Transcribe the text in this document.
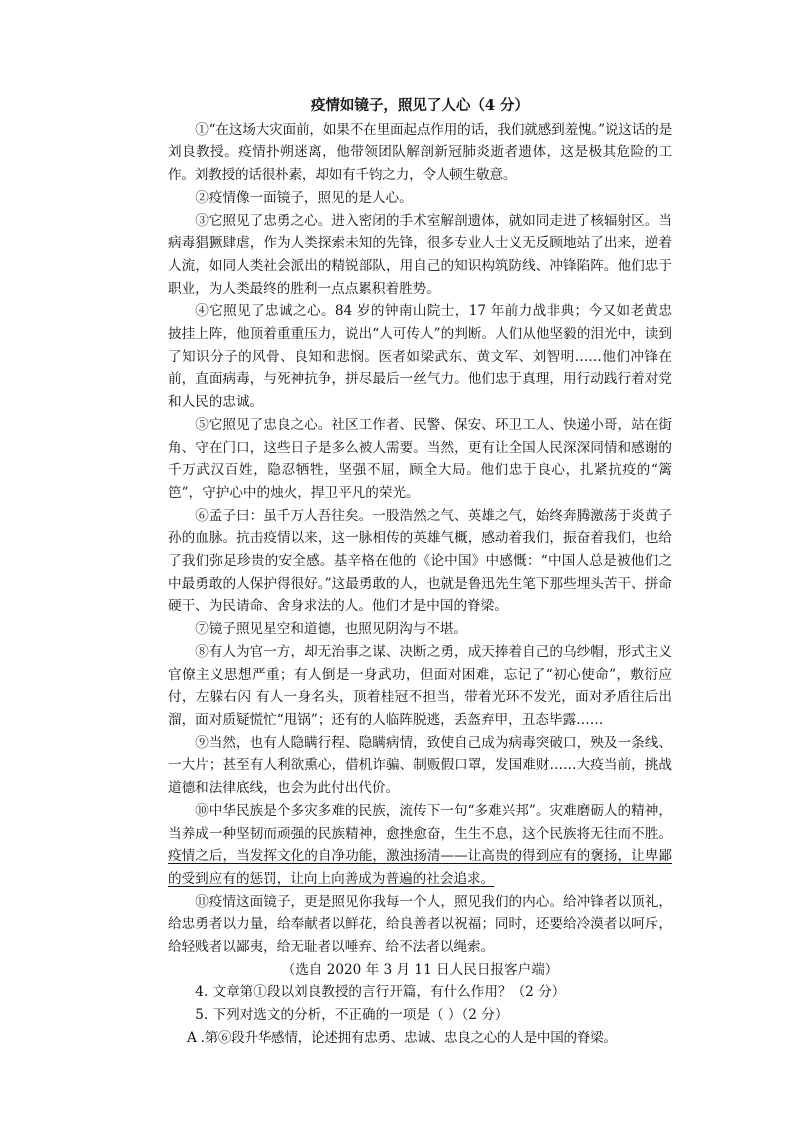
疫情如镜子，照见了人心（4 分）

①“在这场大灾面前，如果不在里面起点作用的话，我们就感到羞愧。”说这话的是刘良教授。疫情扑朔迷离，他带领团队解剖新冠肺炎逝者遗体，这是极其危险的工作。刘教授的话很朴素，却如有千钧之力，令人顿生敬意。

②疫情像一面镜子，照见的是人心。

③它照见了忠勇之心。进入密闭的手术室解剖遗体，就如同走进了核辐射区。当病毒猖獗肆虐，作为人类探索未知的先锋，很多专业人士义无反顾地站了出来，逆着人流，如同人类社会派出的精锐部队，用自己的知识构筑防线、冲锋陷阵。他们忠于职业，为人类最终的胜利一点点累积着胜势。

④它照见了忠诚之心。84 岁的钟南山院士，17 年前力战非典；今又如老黄忠披挂上阵，他顶着重重压力，说出“人可传人”的判断。人们从他坚毅的泪光中，读到了知识分子的风骨、良知和悲悯。医者如梁武东、黄文军、刘智明……他们冲锋在前，直面病毒，与死神抗争，拼尽最后一丝气力。他们忠于真理，用行动践行着对党和人民的忠诚。

⑤它照见了忠良之心。社区工作者、民警、保安、环卫工人、快递小哥，站在街角、守在门口，这些日子是多么被人需要。当然，更有让全国人民深深同情和感谢的千万武汉百姓，隐忍牺牲，坚强不屈，顾全大局。他们忠于良心，扎紧抗疫的“篱笆”，守护心中的烛火，捍卫平凡的荣光。

⑥孟子曰：虽千万人吾往矣。一股浩然之气、英雄之气，始终奔腾激荡于炎黄子孙的血脉。抗击疫情以来，这一脉相传的英雄气概，感动着我们，振奋着我们，也给了我们弥足珍贵的安全感。基辛格在他的《论中国》中感慨：“中国人总是被他们之中最勇敢的人保护得很好。”这最勇敢的人，也就是鲁迅先生笔下那些埋头苦干、拼命硬干、为民请命、舍身求法的人。他们才是中国的脊梁。

⑦镜子照见星空和道德，也照见阴沟与不堪。

⑧有人为官一方，却无治事之谋、决断之勇，成天捧着自己的乌纱帽，形式主义官僚主义思想严重；有人倒是一身武功，但面对困难，忘记了“初心使命”，敷衍应付，左躲右闪 有人一身名头，顶着桂冠不担当，带着光环不发光，面对矛盾往后出溜，面对质疑慌忙“甩锅”；还有的人临阵脱逃，丢盔弃甲，丑态毕露……

⑨当然，也有人隐瞒行程、隐瞒病情，致使自己成为病毒突破口，殃及一条线、一大片；甚至有人利欲熏心，借机诈骗、制贩假口罩，发国难财……大疫当前，挑战道德和法律底线，也会为此付出代价。

⑩中华民族是个多灾多难的民族，流传下一句“多难兴邦”。灾难磨砺人的精神，当养成一种坚韧而顽强的民族精神，愈挫愈奋，生生不息，这个民族将无往而不胜。疫情之后，当发挥文化的自净功能，激浊扬清——让高贵的得到应有的褒扬，让卑鄙的受到应有的惩罚，让向上向善成为普遍的社会追求。

⑪疫情这面镜子，更是照见你我每一个人，照见我们的内心。给冲锋者以顶礼，给忠勇者以力量，给奉献者以鲜花，给良善者以祝福；同时，还要给冷漠者以呵斥，给轻贱者以鄙夷，给无耻者以唾弃、给不法者以绳索。

（选自 2020 年 3 月 11 日人民日报客户端）

4. 文章第①段以刘良教授的言行开篇，有什么作用？（2 分）

5. 下列对选文的分析，不正确的一项是（ ）（2 分）

A .第⑥段升华感情，论述拥有忠勇、忠诚、忠良之心的人是中国的脊梁。
